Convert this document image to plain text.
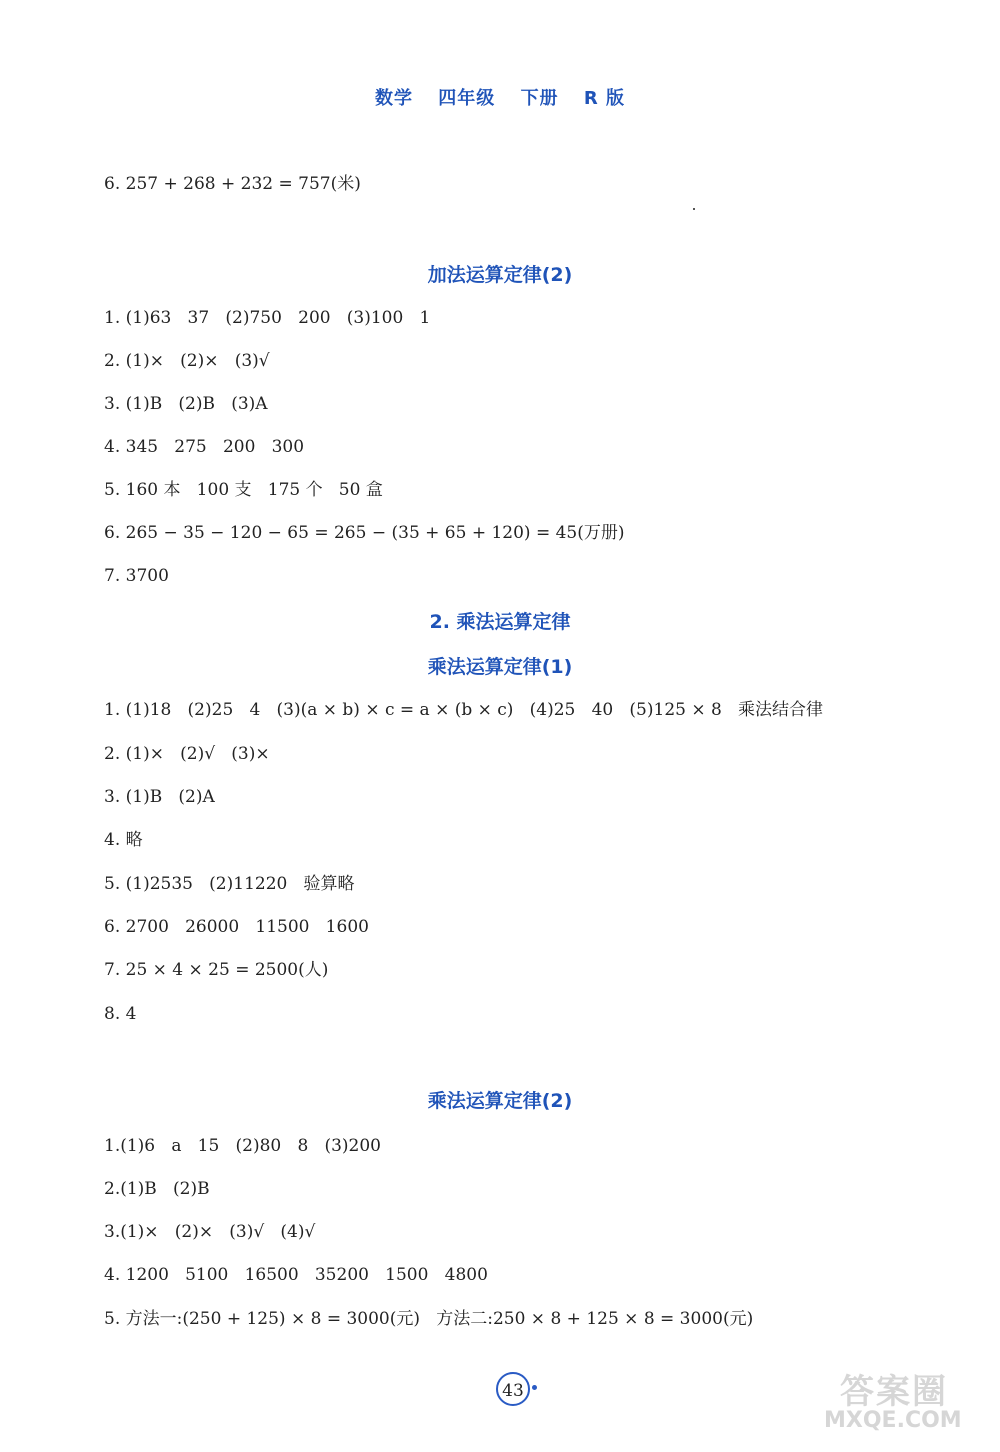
数学 四年级 下册 R 版
6. 257 + 268 + 232 = 757(米)
加法运算定律(2)
1. (1)63   37   (2)750   200   (3)100   1
2. (1)×   (2)×   (3)√
3. (1)B   (2)B   (3)A
4. 345   275   200   300
5. 160 本   100 支   175 个   50 盒
6. 265 − 35 − 120 − 65 = 265 − (35 + 65 + 120) = 45(万册)
7. 3700
2. 乘法运算定律
乘法运算定律(1)
1. (1)18   (2)25   4   (3)(a × b) × c = a × (b × c)   (4)25   40   (5)125 × 8   乘法结合律
2. (1)×   (2)√   (3)×
3. (1)B   (2)A
4. 略
5. (1)2535   (2)11220   验算略
6. 2700   26000   11500   1600
7. 25 × 4 × 25 = 2500(人)
8. 4
乘法运算定律(2)
1.(1)6   a   15   (2)80   8   (3)200
2.(1)B   (2)B
3.(1)×   (2)×   (3)√   (4)√
4. 1200   5100   16500   35200   1500   4800
5. 方法一:(250 + 125) × 8 = 3000(元)   方法二:250 × 8 + 125 × 8 = 3000(元)
43	答案圈
MXQE.COM
